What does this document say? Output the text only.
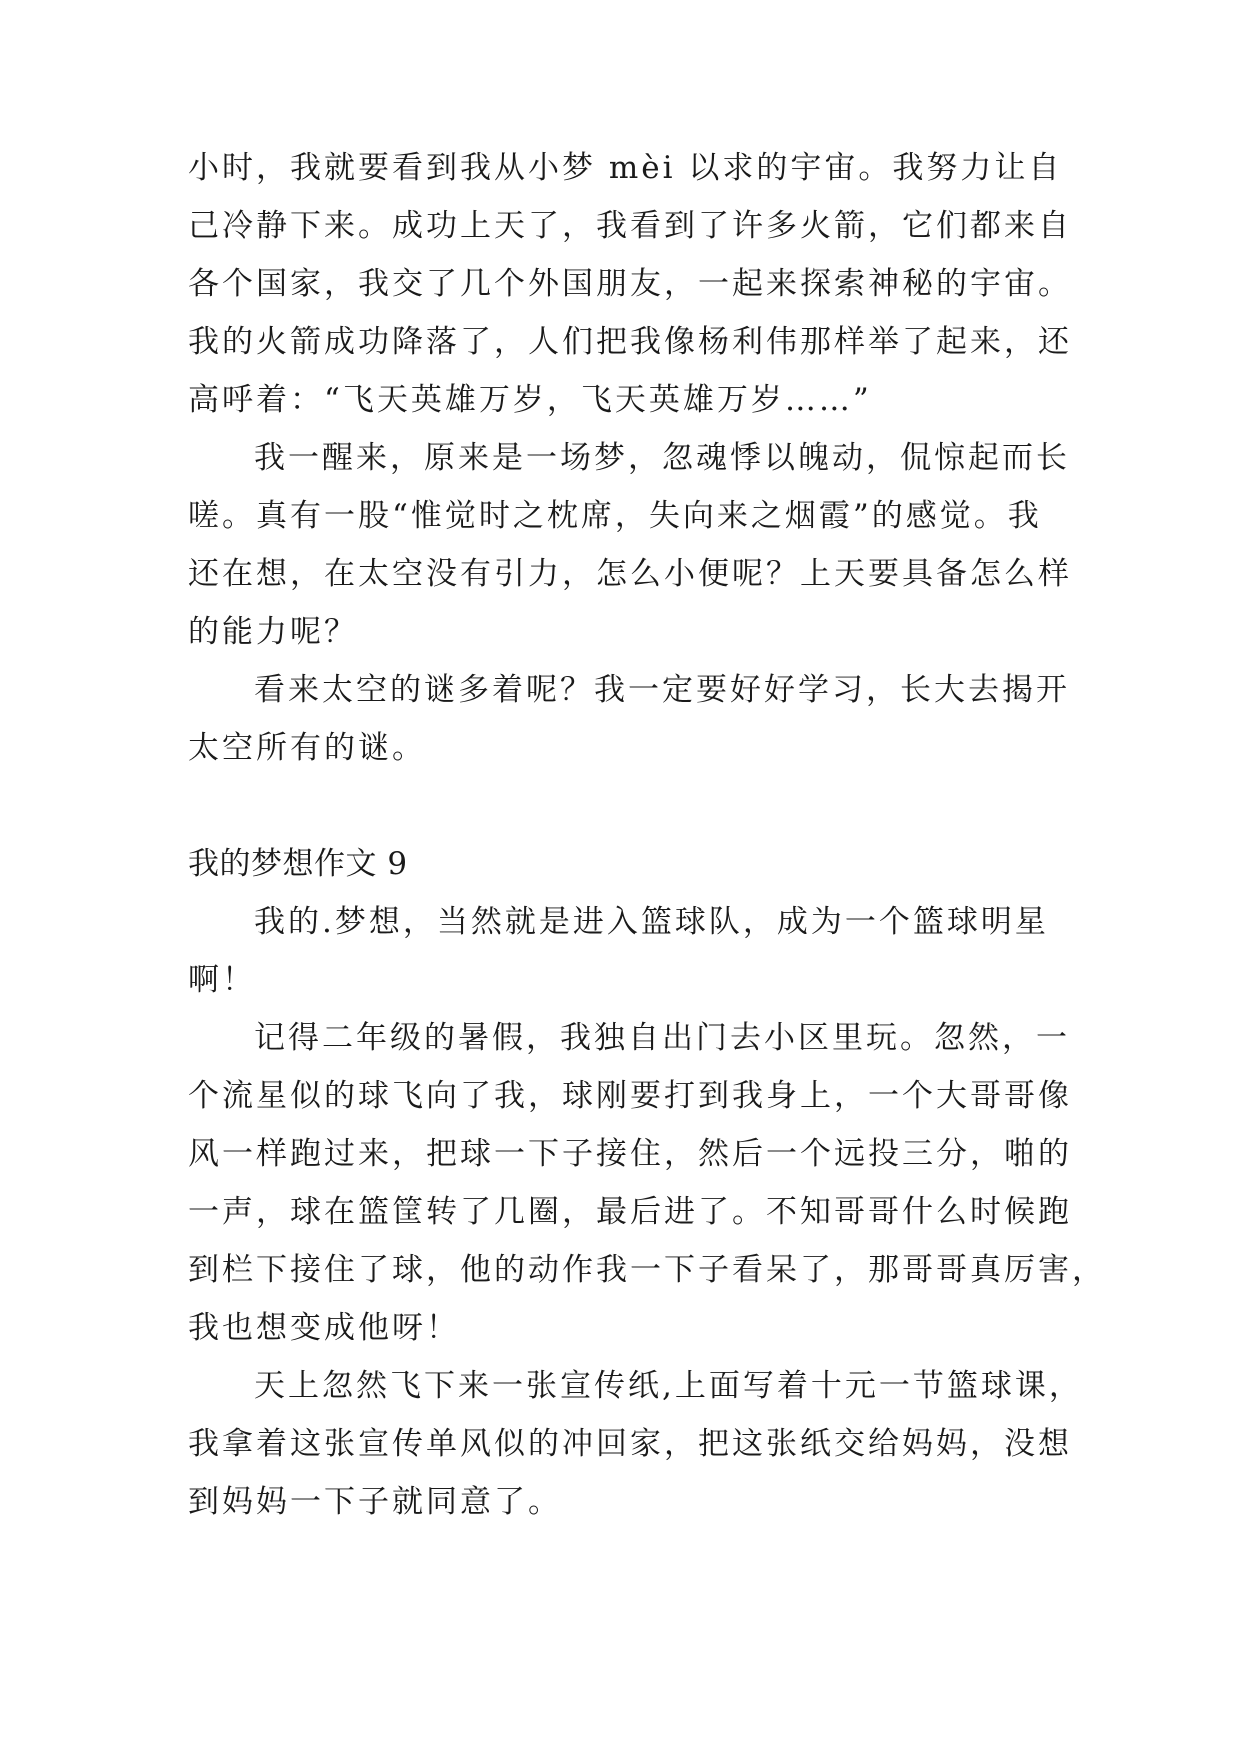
小时，我就要看到我从小梦 mèi 以求的宇宙。我努力让自
己冷静下来。成功上天了，我看到了许多火箭，它们都来自
各个国家，我交了几个外国朋友，一起来探索神秘的宇宙。
我的火箭成功降落了，人们把我像杨利伟那样举了起来，还
高呼着：“飞天英雄万岁，飞天英雄万岁……”
我一醒来，原来是一场梦，忽魂悸以魄动，侃惊起而长
嗟。真有一股“惟觉时之枕席，失向来之烟霞”的感觉。我
还在想，在太空没有引力，怎么小便呢？上天要具备怎么样
的能力呢？
看来太空的谜多着呢？我一定要好好学习，长大去揭开
太空所有的谜。
我的梦想作文 9
我的.梦想，当然就是进入篮球队，成为一个篮球明星
啊！
记得二年级的暑假，我独自出门去小区里玩。忽然，一
个流星似的球飞向了我，球刚要打到我身上，一个大哥哥像
风一样跑过来，把球一下子接住，然后一个远投三分，啪的
一声，球在篮筐转了几圈，最后进了。不知哥哥什么时候跑
到栏下接住了球，他的动作我一下子看呆了，那哥哥真厉害，
我也想变成他呀！
天上忽然飞下来一张宣传纸,上面写着十元一节篮球课，
我拿着这张宣传单风似的冲回家，把这张纸交给妈妈，没想
到妈妈一下子就同意了。
